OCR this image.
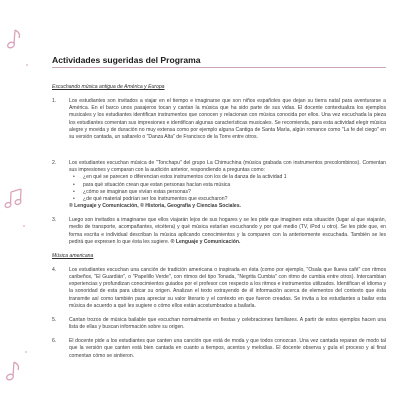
Actividades sugeridas del Programa
Escuchando música antigua de América y Europa
1.	Los estudiantes son invitados a viajar en el tiempo e imaginarse que son niños españoles que dejan su tierra natal para aventurarse a América. En el barco unos pasajeros tocan y cantan la música que ha sido parte de sus vidas. El docente contextualiza los ejemplos musicales y los estudiantes identifican instrumentos que conocen y relacionan con música conocida por ellos. Una vez escuchada la pieza los estudiantes comentan sus impresiones e identifican algunas características musicales. Se recomienda, para esta actividad elegir música alegre y movida y de duración no muy extensa como por ejemplo alguna Cantiga de Santa María, algún romance como "La fe del ciego" en su versión cantada, un saltarelo o "Danza Alta" de Francisco de la Torre entre otros.

2.	Los estudiantes escuchan música de "Tonchapu" del grupo La Chimuchina (música grabada con instrumentos precolombinos). Comentan sus impresiones y comparan con la audición anterior, respondiendo a preguntas como:

• ¿en qué se parecen o diferencian estos instrumentos con los de la danza de la actividad 1
• para qué situación crean que estan personas hacían esta música
• ¿cómo se imaginan que vivían estas personas?
• ¿de qué material podrían ser los instrumentos que escucharon?

® Lenguaje y Comunicación, ® Historia, Geografía y Ciencias Sociales.

3.	Luego son invitados a imaginarse que ellos viajarán lejos de sus hogares y se les pide que imaginen esta situación (lugar al que viajarán, medio de transporte, acompañantes, etcétera) y qué música estarían escuchando y por qué medio (TV, iPod u otro). Se les pide que, en forma escrita e individual describan la música aplicando conocimientos y la comparen con la anteriormente escuchada. También se les pedirá que expresen lo que ésta les sugiere. ® Lenguaje y Comunicación.

Música americana
4.	Los estudiantes escuchan una canción de tradición americana o inspirada en ésta (como por ejemplo, "Osala que llueva café" con ritmos caribeños, "El Guardián", o "Papelillo Verde", con ritmos del tipo Tonada, "Negrita Cumbia" con ritmo de cumbia entre otros). Intercambian experiencias y profundizan conocimientos guiados por el profesor con respecto a los ritmos e instrumentos utilizados. Identifican el idioma y la sonoridad de esta para ubicar su origen. Analizan el texto extrayendo de él información acerca de elementos del contexto que ésta transmite así como también para apreciar su valor literario y el contexto en que fueron creadas. Se invita a los estudiantes a bailar esta música de acuerdo a qué les sugiere o cómo ellos están acostumbrados a bailarla.

5.	Cantan trozos de música bailable que escuchan normalmente en fiestas y celebraciones familiares. A partir de estos ejemplos hacen una lista de ellas y buscan información sobre su origen.

6.	El docente pide a los estudiantes que canten una canción que está de moda y que todos conozcan. Una vez cantada reparan de modo tal que la versión que canten está bien cantada en cuanto a tiempos, acentos y melodías. El docente observa y guía el proceso y al final comentan cómo se sintieron.
